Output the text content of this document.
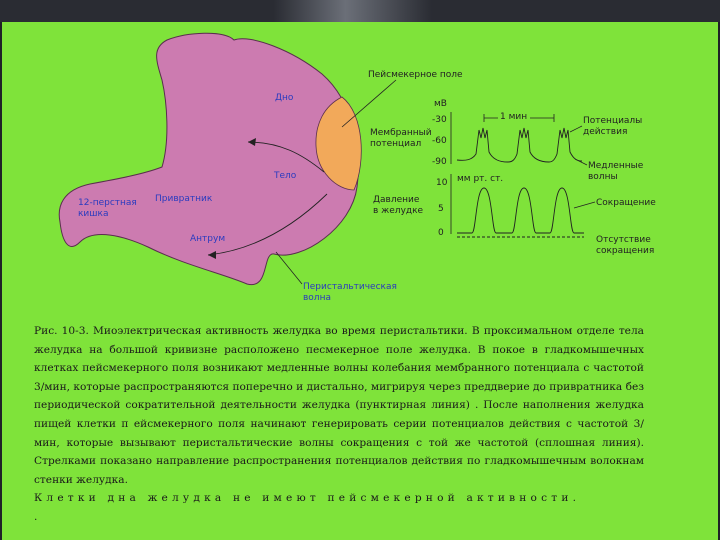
Дно
Тело
Привратник
12-перстная
кишка
Антрум
Пейсмекерное поле
Перистальтическая
волна
мВ
-30
-60
-90
Мембранный
потенциал
1 мин	Потенциалы
действия
Медленные
волны
10
5
0
мм рт. ст.
Давление
в желудке
Сокращение
Отсутствие
сокращения

Рис. 10-3. Миоэлектрическая активность желудка во время перистальтики. В проксимальном отделе тела желудка на большой кривизне расположено песмекерное поле желудка. В покое в гладкомышечных клетках пейсмекерного поля возникают медленные волны колебания мембранного потенциала с частотой 3/мин, которые распространяются поперечно и дистально, мигрируя через преддверие до привратника без периодической сократительной деятельности желудка (пунктирная линия) . После наполнения желудка пищей клетки п ейсмекерного поля начинают генерировать серии потенциалов действия с частотой 3/мин, которые вызывают перистальтические волны сокращения с той же частотой (сплошная линия). Стрелками показано направление распространения потенциалов действия по гладкомышечным волокнам стенки желудка.

Клетки дна желудка не имеют пейсмекерной активности.

.
